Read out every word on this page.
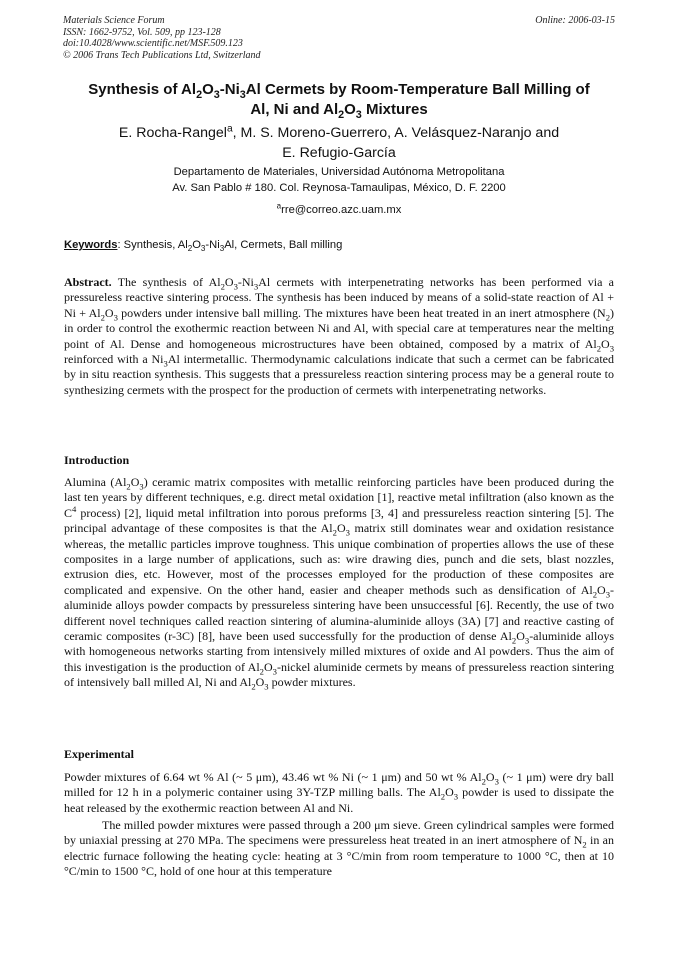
Materials Science Forum
ISSN: 1662-9752, Vol. 509, pp 123-128
doi:10.4028/www.scientific.net/MSF.509.123
© 2006 Trans Tech Publications Ltd, Switzerland
Online: 2006-03-15
Synthesis of $Al_2O_3-Ni_3Al$ Cermets by Room-Temperature Ball Milling of
Al, Ni and $Al_2O_3$ Mixtures
E. Rocha-Rangel$^a$, M. S. Moreno-Guerrero, A. Velásquez-Naranjo and
E. Refugio-García
Departamento de Materiales, Universidad Autónoma Metropolitana
Av. San Pablo # 180. Col. Reynosa-Tamaulipas, México, D. F. 2200
$^a$rre@correo.azc.uam.mx
Keywords: Synthesis, $Al_2O_3-Ni_3Al$, Cermets, Ball milling
Abstract. The synthesis of $Al_2O_3-Ni_3Al$ cermets with interpenetrating networks has been performed via a pressureless reactive sintering process. The synthesis has been induced by means of a solid-state reaction of $Al + Ni + Al_2O_3$ powders under intensive ball milling. The mixtures have been heat treated in an inert atmosphere $(N_2)$ in order to control the exothermic reaction between Ni and Al, with special care at temperatures near the melting point of Al. Dense and homogeneous microstructures have been obtained, composed by a matrix of $Al_2O_3$ reinforced with a $Ni_3Al$ intermetallic. Thermodynamic calculations indicate that such a cermet can be fabricated by in situ reaction synthesis. This suggests that a pressureless reaction sintering process may be a general route to synthesizing cermets with the prospect for the production of cermets with interpenetrating networks.
Introduction
Alumina $(Al_2O_3)$ ceramic matrix composites with metallic reinforcing particles have been produced during the last ten years by different techniques, e.g. direct metal oxidation [1], reactive metal infiltration (also known as the $C^4$ process) [2], liquid metal infiltration into porous preforms [3, 4] and pressureless reaction sintering [5]. The principal advantage of these composites is that the $Al_2O_3$ matrix still dominates wear and oxidation resistance whereas, the metallic particles improve toughness. This unique combination of properties allows the use of these composites in a large number of applications, such as: wire drawing dies, punch and die sets, blast nozzles, extrusion dies, etc. However, most of the processes employed for the production of these composites are complicated and expensive. On the other hand, easier and cheaper methods such as densification of $Al_2O_3$-aluminide alloys powder compacts by pressureless sintering have been unsuccessful [6]. Recently, the use of two different novel techniques called reaction sintering of alumina-aluminide alloys (3A) [7] and reactive casting of ceramic composites (r-3C) [8], have been used successfully for the production of dense $Al_2O_3$-aluminide alloys with homogeneous networks starting from intensively milled mixtures of oxide and Al powders. Thus the aim of this investigation is the production of $Al_2O_3$-nickel aluminide cermets by means of pressureless reaction sintering of intensively ball milled Al, Ni and $Al_2O_3$ powder mixtures.
Experimental
Powder mixtures of 6.64 wt % Al (~ 5 μm), 43.46 wt % Ni (~ 1 μm) and 50 wt % $Al_2O_3$ (~ 1 μm) were dry ball milled for 12 h in a polymeric container using 3Y-TZP milling balls. The $Al_2O_3$ powder is used to dissipate the heat released by the exothermic reaction between Al and Ni.
The milled powder mixtures were passed through a 200 μm sieve. Green cylindrical samples were formed by uniaxial pressing at 270 MPa. The specimens were pressureless heat treated in an inert atmosphere of $N_2$ in an electric furnace following the heating cycle: heating at 3 °C/min from room temperature to 1000 °C, then at 10 °C/min to 1500 °C, hold of one hour at this temperature
